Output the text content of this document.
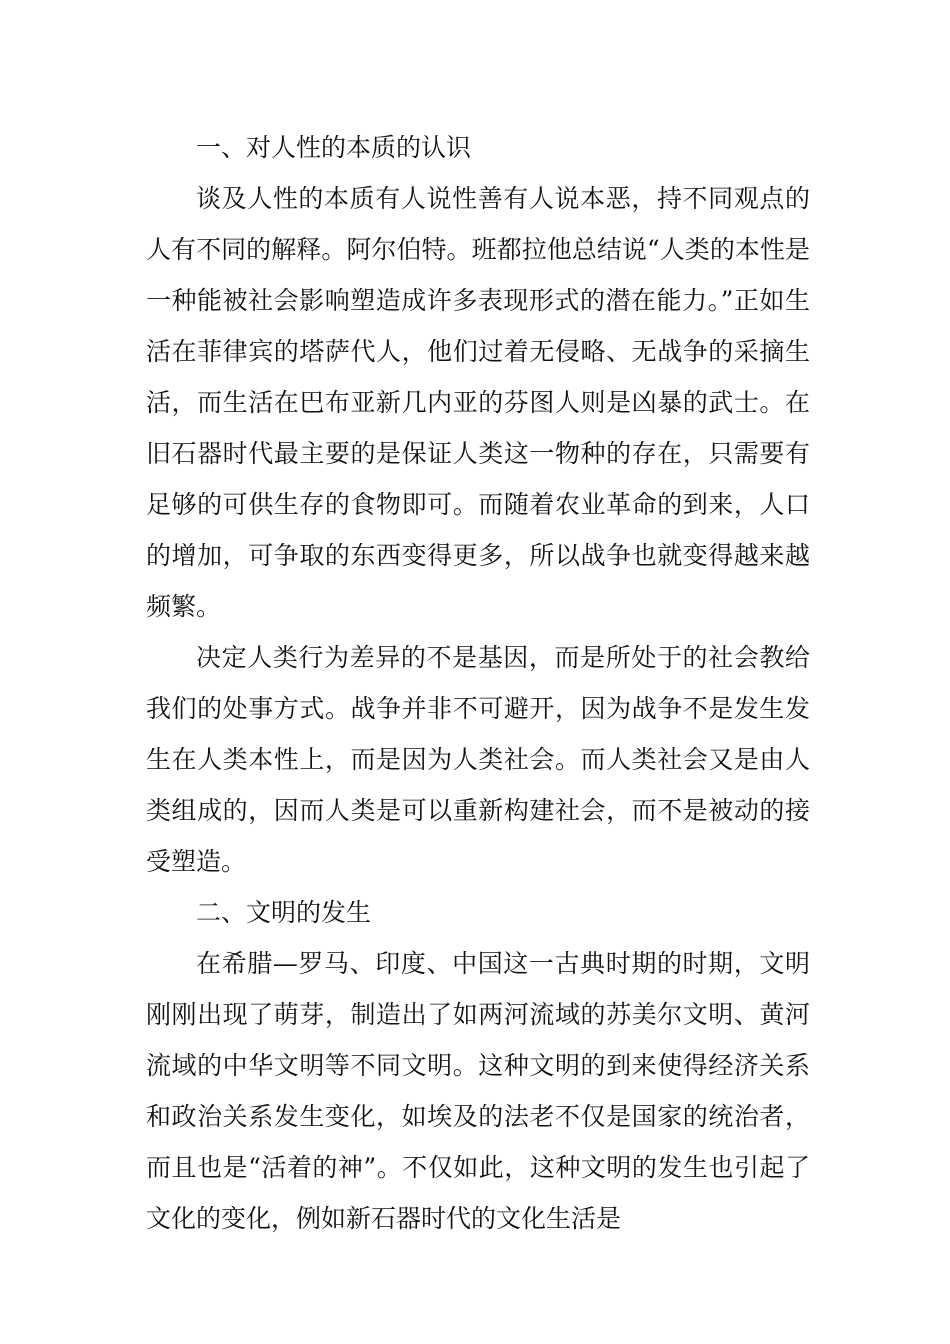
一、对人性的本质的认识

谈及人性的本质有人说性善有人说本恶，持不同观点的人有不同的解释。阿尔伯特。班都拉他总结说“人类的本性是一种能被社会影响塑造成许多表现形式的潜在能力。”正如生活在菲律宾的塔萨代人，他们过着无侵略、无战争的采摘生活，而生活在巴布亚新几内亚的芬图人则是凶暴的武士。在旧石器时代最主要的是保证人类这一物种的存在，只需要有足够的可供生存的食物即可。而随着农业革命的到来，人口的增加，可争取的东西变得更多，所以战争也就变得越来越频繁。

决定人类行为差异的不是基因，而是所处于的社会教给我们的处事方式。战争并非不可避开，因为战争不是发生发生在人类本性上，而是因为人类社会。而人类社会又是由人类组成的，因而人类是可以重新构建社会，而不是被动的接受塑造。

二、文明的发生

在希腊—罗马、印度、中国这一古典时期的时期，文明刚刚出现了萌芽，制造出了如两河流域的苏美尔文明、黄河流域的中华文明等不同文明。这种文明的到来使得经济关系和政治关系发生变化，如埃及的法老不仅是国家的统治者，而且也是“活着的神”。不仅如此，这种文明的发生也引起了文化的变化，例如新石器时代的文化生活是
